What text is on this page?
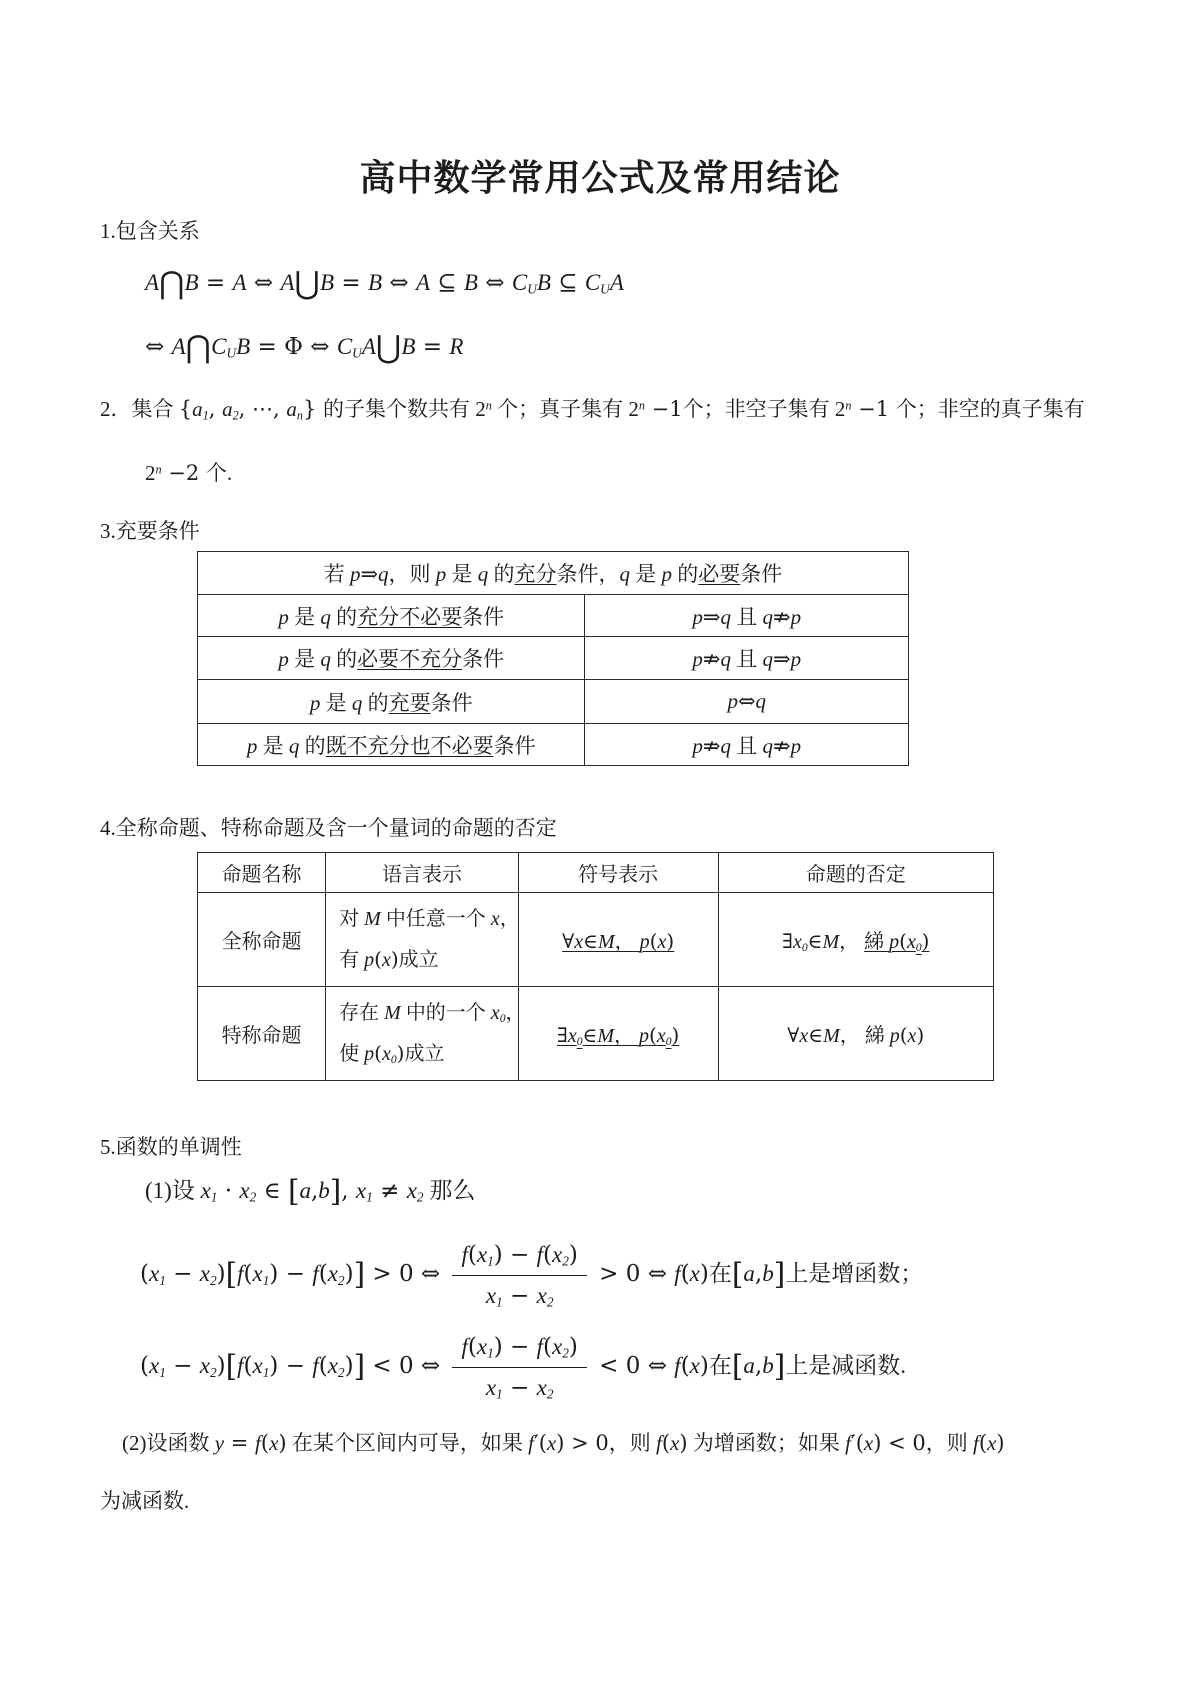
高中数学常用公式及常用结论
1.包含关系
A⋂B = A ⇔ A⋃B = B ⇔ A ⊆ B ⇔ CUB ⊆ CUA
⇔ A⋂CUB = Φ ⇔ CUA⋃B = R
2．集合 {a1, a2, ⋯, an} 的子集个数共有 2$^n$ 个；真子集有 $2^n -1$个；非空子集有 $2^n -1$ 个；非空的真子集有
$2^n -2$ 个.
3.充要条件
若 p⇒q，则 p 是 q 的充分条件，q 是 p 的必要条件	
p 是 q 的充分不必要条件	p⇒q 且 q⇏p
p 是 q 的必要不充分条件	p⇏q 且 q⇒p
p 是 q 的充要条件	p⇔q
p 是 q 的既不充分也不必要条件	p⇏q 且 q⇏p
4.全称命题、特称命题及含一个量词的命题的否定
命题名称	语言表示	符号表示	命题的否定
全称命题	对 M 中任意一个 x，
有 p(x)成立	∀x∈M， p(x)	∃x0∈M， 綈 p(x0)
特称命题	存在 M 中的一个 x0，
使 p(x0)成立	∃x0∈M， p(x0)	∀x∈M， 綈 p(x)
5.函数的单调性
(1)设 x1 · x2 ∈ [a,b], x1 ≠ x2 那么
(x1 − x2)[f(x1) − f(x2)] > 0 ⇔ $\frac{f(x1) - f(x2)}{x1 - x2} > 0$ ⇔ f(x)在[a,b]上是增函数；
(x1 − x2)[f(x1) − f(x2)] < 0 ⇔ $\frac{f(x1) - f(x2)}{x1 - x2} < 0$ ⇔ f(x)在[a,b]上是减函数.
(2)设函数 y = f(x) 在某个区间内可导，如果 f′(x) > 0，则 f(x) 为增函数；如果 f′(x) < 0，则 f(x)
为减函数.
